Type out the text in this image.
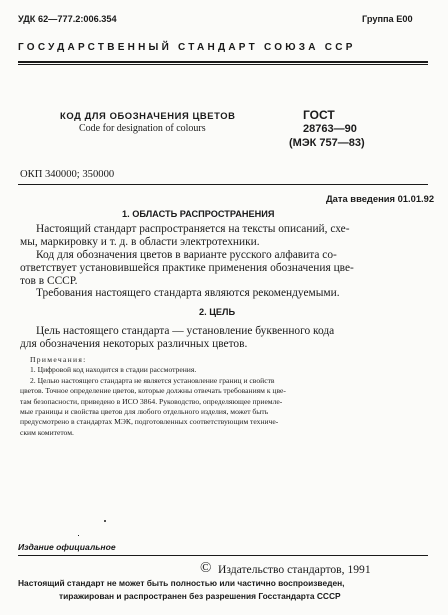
УДК 62—777.2:006.354	Группа Е00
ГОСУДАРСТВЕННЫЙ СТАНДАРТ СОЮЗА ССР
КОД ДЛЯ ОБОЗНАЧЕНИЯ ЦВЕТОВ
Code for designation of colours
ГОСТ
28763—90
(МЭК 757—83)
ОКП 340000; 350000
Дата введения 01.01.92
1. ОБЛАСТЬ РАСПРОСТРАНЕНИЯ
Настоящий стандарт распространяется на тексты описаний, схе-
мы, маркировку и т. д. в области электротехники.
Код для обозначения цветов в варианте русского алфавита со-
ответствует установившейся практике применения обозначения цве-
тов в СССР.
Требования настоящего стандарта являются рекомендуемыми.
2. ЦЕЛЬ
Цель настоящего стандарта — установление буквенного кода
для обозначения некоторых различных цветов.
Примечания:
1. Цифровой код находится в стадии рассмотрения.
2. Целью настоящего стандарта не является установление границ и свойств
цветов. Точное определение цветов, которые должны отвечать требованиям к цве-
там безопасности, приведено в ИСО 3864. Руководство, определяющее приемле-
мые границы и свойства цветов для любого отдельного изделия, может быть
предусмотрено в стандартах МЭК, подготовленных соответствующим техниче-
ским комитетом.
Издание официальное
© Издательство стандартов, 1991
Настоящий стандарт не может быть полностью или частично воспроизведен,
тиражирован и распространен без разрешения Госстандарта СССР
